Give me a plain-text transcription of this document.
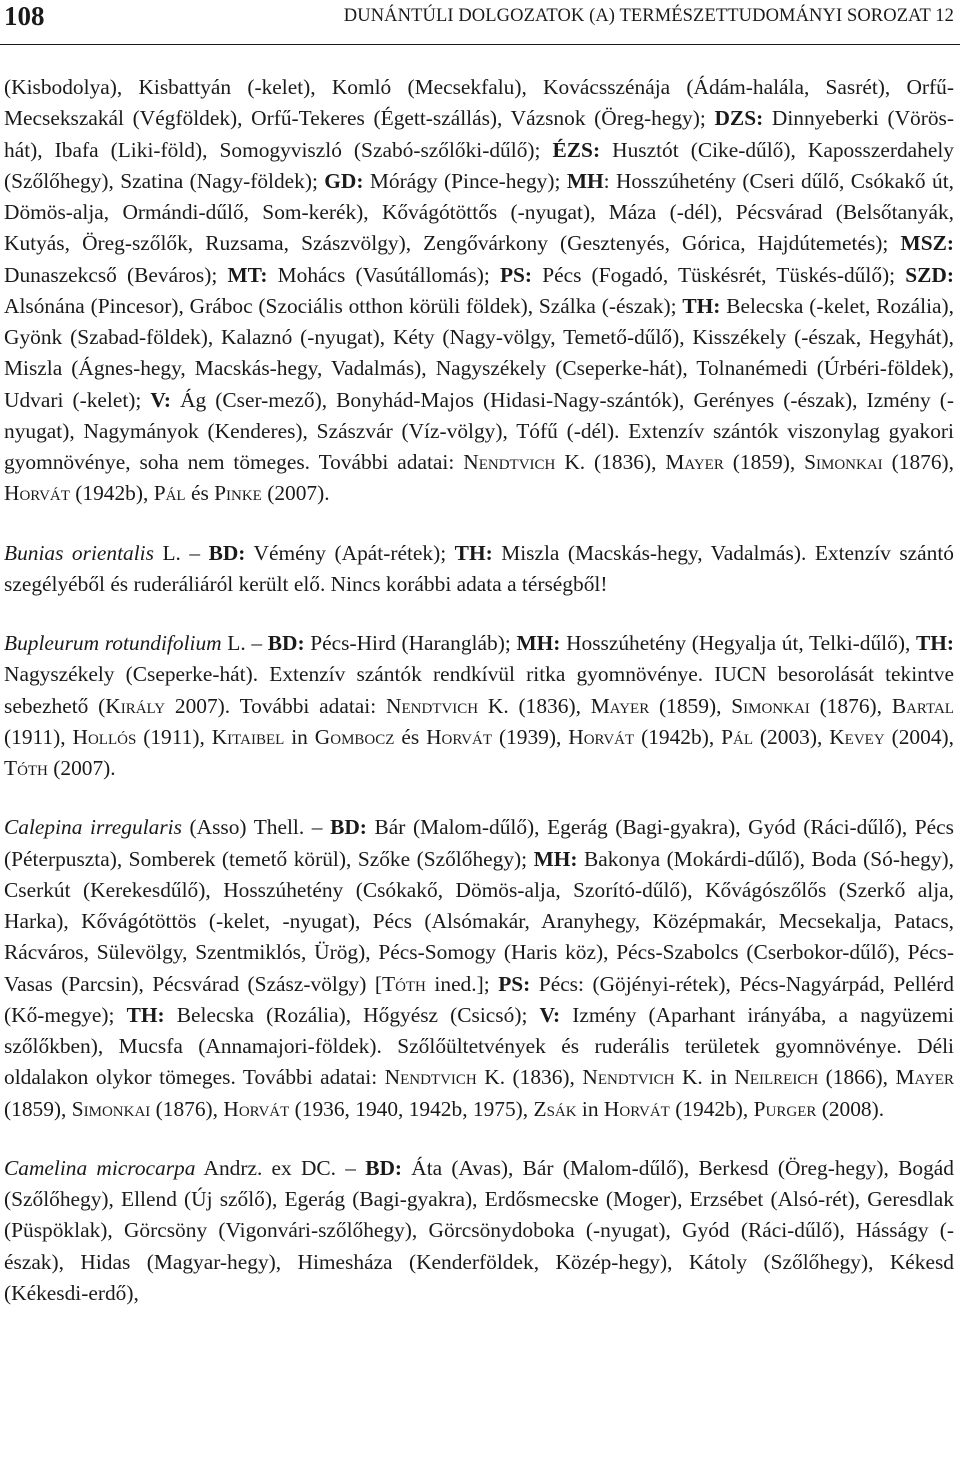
108	DUNÁNTÚLI DOLGOZATOK (A) TERMÉSZETTUDOMÁNYI SOROZAT 12

(Kisbodolya), Kisbattyán (-kelet), Komló (Mecsekfalu), Kovácsszénája (Ádám-halála, Sasrét), Orfű-Mecsekszakál (Végföldek), Orfű-Tekeres (Égett-szállás), Vázsnok (Öreg-hegy); DZS: Dinnyeberki (Vörös-hát), Ibafa (Liki-föld), Somogyviszló (Szabó-szőlőki-dűlő); ÉZS: Husztót (Cike-dűlő), Kaposszerdahely (Szőlőhegy), Szatina (Nagy-földek); GD: Mórágy (Pince-hegy); MH: Hosszúhetény (Cseri dűlő, Csókakő út, Dömös-alja, Ormándi-dűlő, Som-kerék), Kővágótöttős (-nyugat), Máza (-dél), Pécsvárad (Belsőtanyák, Kutyás, Öreg-szőlők, Ruzsama, Szászvölgy), Zengővárkony (Gesztenyés, Górica, Hajdútemetés); MSZ: Dunaszekcső (Beváros); MT: Mohács (Vasútállomás); PS: Pécs (Fogadó, Tüskésrét, Tüskés-dűlő); SZD: Alsónána (Pincesor), Gráboc (Szociális otthon körüli földek), Szálka (-észak); TH: Belecska (-kelet, Rozália), Gyönk (Szabad-földek), Kalaznó (-nyugat), Kéty (Nagy-völgy, Temető-dűlő), Kisszékely (-észak, Hegyhát), Miszla (Ágnes-hegy, Macskás-hegy, Vadalmás), Nagyszékely (Cseperke-hát), Tolnanémedi (Úrbéri-földek), Udvari (-kelet); V: Ág (Cser-mező), Bonyhád-Majos (Hidasi-Nagy-szántók), Gerényes (-észak), Izmény (-nyugat), Nagymányok (Kenderes), Szászvár (Víz-völgy), Tófű (-dél). Extenzív szántók viszonylag gyakori gyomnövénye, soha nem tömeges. További adatai: Nendtvich K. (1836), Mayer (1859), Simonkai (1876), Horvát (1942b), Pál és Pinke (2007).

Bunias orientalis L. – BD: Vémény (Apát-rétek); TH: Miszla (Macskás-hegy, Vadalmás). Extenzív szántó szegélyéből és ruderáliáról került elő. Nincs korábbi adata a térségből!

Bupleurum rotundifolium L. – BD: Pécs-Hird (Harangláb); MH: Hosszúhetény (Hegyalja út, Telki-dűlő), TH: Nagyszékely (Cseperke-hát). Extenzív szántók rendkívül ritka gyomnövénye. IUCN besorolását tekintve sebezhető (Király 2007). További adatai: Nendtvich K. (1836), Mayer (1859), Simonkai (1876), Bartal (1911), Hollós (1911), Kitaibel in Gombocz és Horvát (1939), Horvát (1942b), Pál (2003), Kevey (2004), Tóth (2007).

Calepina irregularis (Asso) Thell. – BD: Bár (Malom-dűlő), Egerág (Bagi-gyakra), Gyód (Ráci-dűlő), Pécs (Péterpuszta), Somberek (temető körül), Szőke (Szőlőhegy); MH: Bakonya (Mokárdi-dűlő), Boda (Só-hegy), Cserkút (Kerekesdűlő), Hosszúhetény (Csókakő, Dömös-alja, Szorító-dűlő), Kővágószőlős (Szerkő alja, Harka), Kővágótöttös (-kelet, -nyugat), Pécs (Alsómakár, Aranyhegy, Középmakár, Mecsekalja, Patacs, Rácváros, Sülevölgy, Szentmiklós, Ürög), Pécs-Somogy (Haris köz), Pécs-Szabolcs (Cserbokor-dűlő), Pécs-Vasas (Parcsin), Pécsvárad (Szász-völgy) [Tóth ined.]; PS: Pécs: (Göjényi-rétek), Pécs-Nagyárpád, Pellérd (Kő-megye); TH: Belecska (Rozália), Hőgyész (Csicsó); V: Izmény (Aparhant irányába, a nagyüzemi szőlőkben), Mucsfa (Annamajori-földek). Szőlőültetvények és ruderális területek gyomnövénye. Déli oldalakon olykor tömeges. További adatai: Nendtvich K. (1836), Nendtvich K. in Neilreich (1866), Mayer (1859), Simonkai (1876), Horvát (1936, 1940, 1942b, 1975), Zsák in Horvát (1942b), Purger (2008).

Camelina microcarpa Andrz. ex DC. – BD: Áta (Avas), Bár (Malom-dűlő), Berkesd (Öreg-hegy), Bogád (Szőlőhegy), Ellend (Új szőlő), Egerág (Bagi-gyakra), Erdősmecske (Moger), Erzsébet (Alsó-rét), Geresdlak (Püspöklak), Görcsöny (Vigonvári-szőlőhegy), Görcsönydoboka (-nyugat), Gyód (Ráci-dűlő), Hásságy (-észak), Hidas (Magyar-hegy), Himesháza (Kenderföldek, Közép-hegy), Kátoly (Szőlőhegy), Kékesd (Kékesdi-erdő),
